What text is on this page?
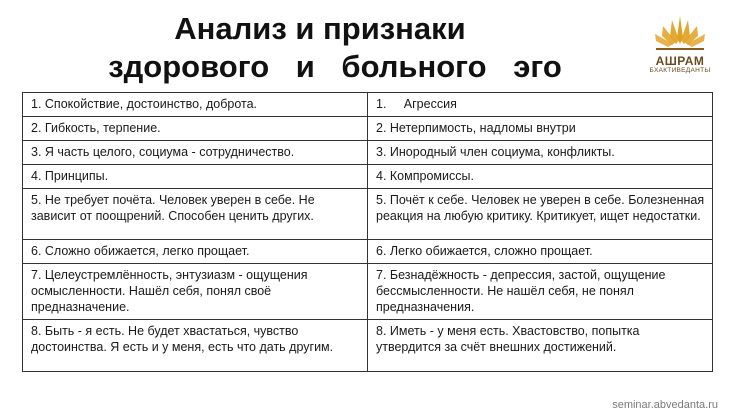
Анализ и признаки
здорового и больного эго	АШРАМ
БХАКТИВЕДАНТЫ
1. Спокойствие, достоинство, доброта.	1.     Агрессия
2. Гибкость, терпение.	2. Нетерпимость, надломы внутри
3. Я часть целого, социума - сотрудничество.	3. Инородный член социума, конфликты.
4. Принципы.	4. Компромиссы.
5. Не требует почёта. Человек уверен в себе. Не зависит от поощрений. Способен ценить других.	5. Почёт к себе. Человек не уверен в себе. Болезненная реакция на любую критику. Критикует, ищет недостатки.
6. Сложно обижается, легко прощает.	6. Легко обижается, сложно прощает.
7. Целеустремлённость, энтузиазм - ощущения осмысленности. Нашёл себя, понял своё предназначение.	7. Безнадёжность - депрессия, застой, ощущение бессмысленности. Не нашёл себя, не понял предназначения.
8. Быть - я есть. Не будет хвастаться, чувство достоинства. Я есть и у меня, есть что дать другим.	8. Иметь - у меня есть. Хвастовство, попытка утвердится за счёт внешних достижений.
seminar.abvedanta.ru
